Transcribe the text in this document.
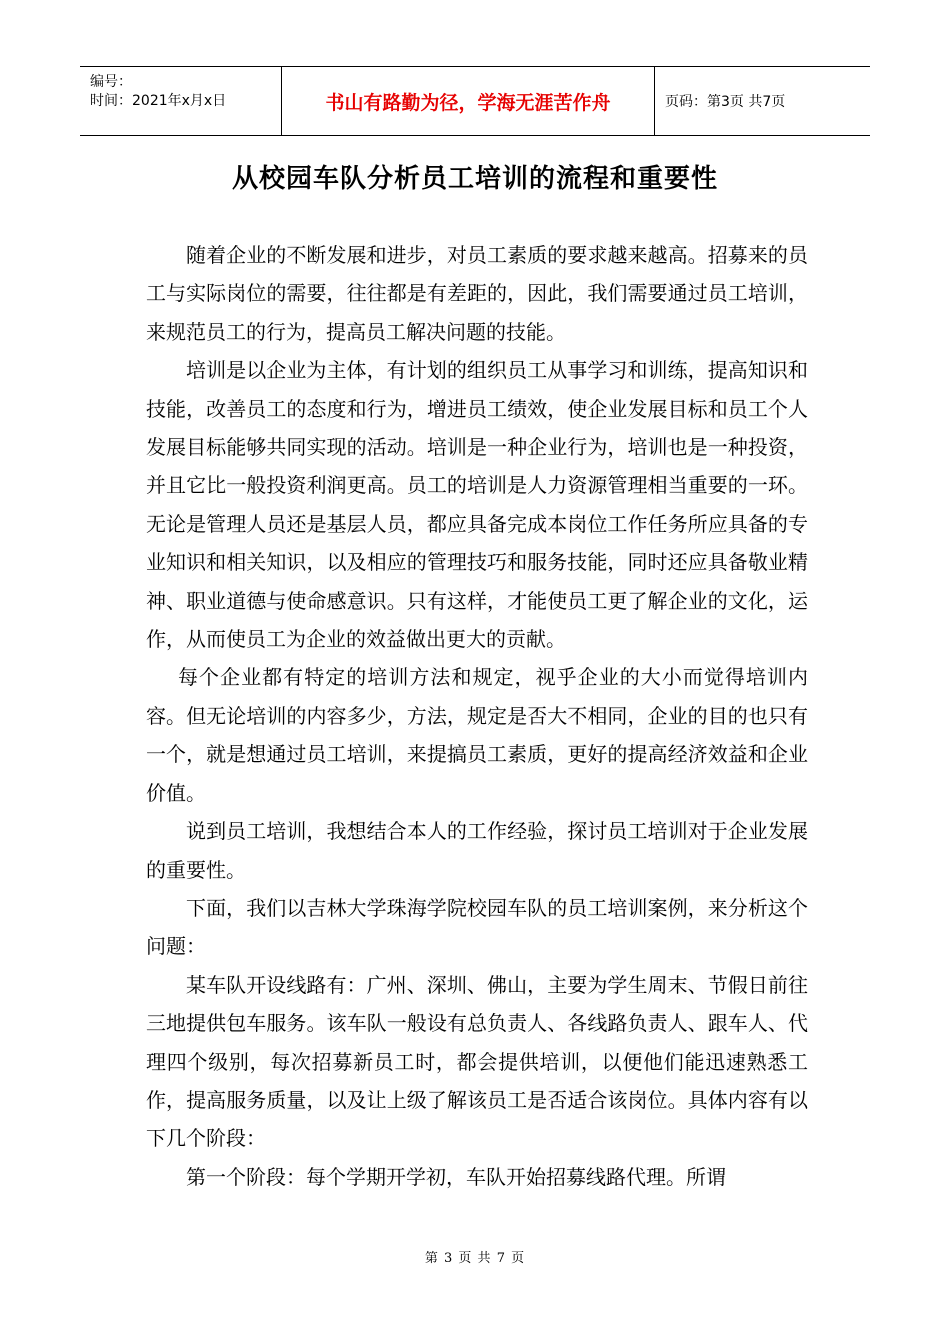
编号：
时间：2021年x月x日	书山有路勤为径，学海无涯苦作舟	页码：第3页 共7页
从校园车队分析员工培训的流程和重要性

随着企业的不断发展和进步，对员工素质的要求越来越高。招募来的员工与实际岗位的需要，往往都是有差距的，因此，我们需要通过员工培训，来规范员工的行为，提高员工解决问题的技能。

培训是以企业为主体，有计划的组织员工从事学习和训练，提高知识和技能，改善员工的态度和行为，增进员工绩效，使企业发展目标和员工个人发展目标能够共同实现的活动。培训是一种企业行为，培训也是一种投资，并且它比一般投资利润更高。员工的培训是人力资源管理相当重要的一环。无论是管理人员还是基层人员，都应具备完成本岗位工作任务所应具备的专业知识和相关知识，以及相应的管理技巧和服务技能，同时还应具备敬业精神、职业道德与使命感意识。只有这样，才能使员工更了解企业的文化，运作，从而使员工为企业的效益做出更大的贡献。

每个企业都有特定的培训方法和规定，视乎企业的大小而觉得培训内容。但无论培训的内容多少，方法，规定是否大不相同，企业的目的也只有一个，就是想通过员工培训，来提搞员工素质，更好的提高经济效益和企业价值。

说到员工培训，我想结合本人的工作经验，探讨员工培训对于企业发展的重要性。

下面，我们以吉林大学珠海学院校园车队的员工培训案例，来分析这个问题：

某车队开设线路有：广州、深圳、佛山，主要为学生周末、节假日前往三地提供包车服务。该车队一般设有总负责人、各线路负责人、跟车人、代理四个级别，每次招募新员工时，都会提供培训，以便他们能迅速熟悉工作，提高服务质量，以及让上级了解该员工是否适合该岗位。具体内容有以下几个阶段：

第一个阶段：每个学期开学初，车队开始招募线路代理。所谓

第 3 页 共 7 页
